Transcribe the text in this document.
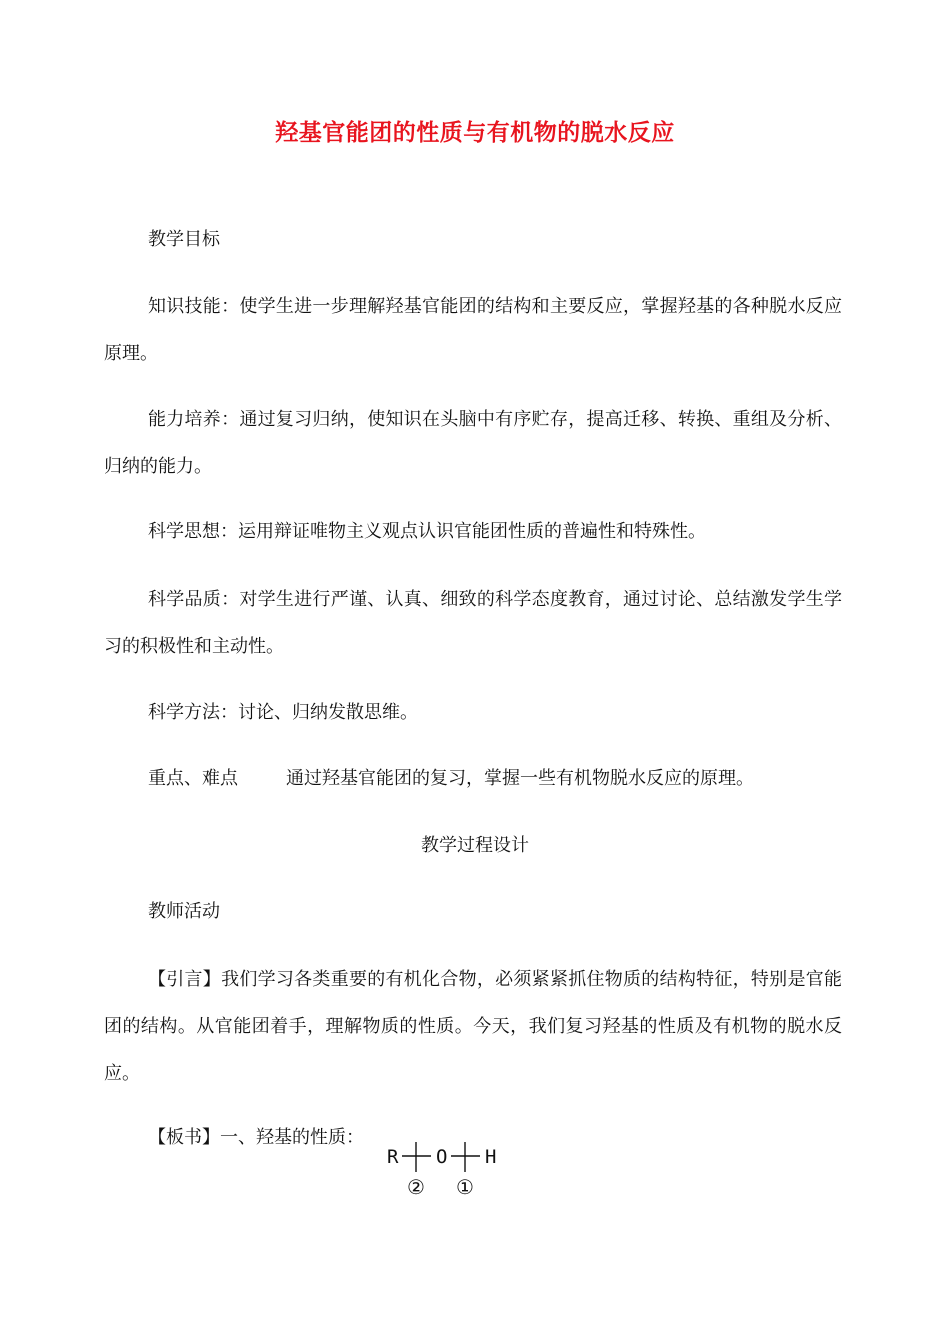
羟基官能团的性质与有机物的脱水反应

教学目标

知识技能：使学生进一步理解羟基官能团的结构和主要反应，掌握羟基的各种脱水反应原理。

能力培养：通过复习归纳，使知识在头脑中有序贮存，提高迁移、转换、重组及分析、归纳的能力。

科学思想：运用辩证唯物主义观点认识官能团性质的普遍性和特殊性。

科学品质：对学生进行严谨、认真、细致的科学态度教育，通过讨论、总结激发学生学习的积极性和主动性。

科学方法：讨论、归纳发散思维。

重点、难点	通过羟基官能团的复习，掌握一些有机物脱水反应的原理。

教学过程设计

教师活动

【引言】我们学习各类重要的有机化合物，必须紧紧抓住物质的结构特征，特别是官能团的结构。从官能团着手，理解物质的性质。今天，我们复习羟基的性质及有机物的脱水反应。

【板书】一、羟基的性质：

R O H
② ①
